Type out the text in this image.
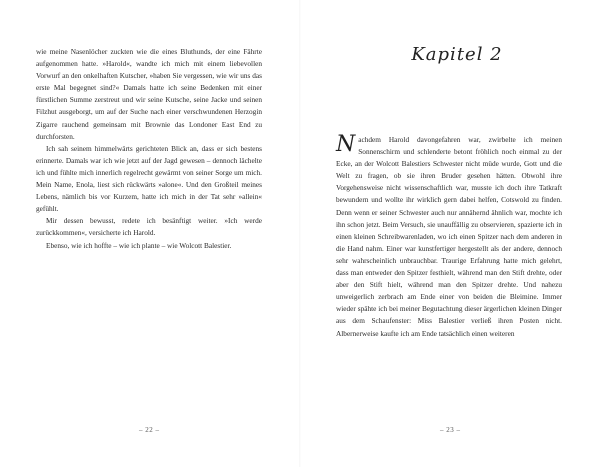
wie meine Nasenlöcher zuckten wie die eines Bluthunds, der eine Fährte aufgenommen hatte. »Harold«, wandte ich mich mit einem liebevollen Vorwurf an den onkelhaften Kutscher, »haben Sie vergessen, wie wir uns das erste Mal begegnet sind?« Damals hatte ich seine Bedenken mit einer fürstlichen Summe zerstreut und wir seine Kutsche, seine Jacke und seinen Filzhut ausgeborgt, um auf der Suche nach einer verschwundenen Herzogin Zigarre rauchend gemeinsam mit Brownie das Londoner East End zu durchforsten.

Ich sah seinem himmelwärts gerichteten Blick an, dass er sich bestens erinnerte. Damals war ich wie jetzt auf der Jagd gewesen – dennoch lächelte ich und fühlte mich innerlich regelrecht gewärmt von seiner Sorge um mich. Mein Name, Enola, liest sich rückwärts »alone«. Und den Großteil meines Lebens, nämlich bis vor Kurzem, hatte ich mich in der Tat sehr »allein« gefühlt.

Mir dessen bewusst, redete ich besänftigt weiter. »Ich werde zurückkommen«, versicherte ich Harold.

Ebenso, wie ich hoffte – wie ich plante – wie Wolcott Balestier.

– 22 –
Kapitel 2

Nachdem Harold davongefahren war, zwirbelte ich meinen Sonnenschirm und schlenderte betont fröhlich noch einmal zu der Ecke, an der Wolcott Balestiers Schwester nicht müde wurde, Gott und die Welt zu fragen, ob sie ihren Bruder gesehen hätten. Obwohl ihre Vorgehensweise nicht wissenschaftlich war, musste ich doch ihre Tatkraft bewundern und wollte ihr wirklich gern dabei helfen, Cotswold zu finden. Denn wenn er seiner Schwester auch nur annähernd ähnlich war, mochte ich ihn schon jetzt. Beim Versuch, sie unauffällig zu observieren, spazierte ich in einen kleinen Schreibwarenladen, wo ich einen Spitzer nach dem anderen in die Hand nahm. Einer war kunstfertiger hergestellt als der andere, dennoch sehr wahrscheinlich unbrauchbar. Traurige Erfahrung hatte mich gelehrt, dass man entweder den Spitzer festhielt, während man den Stift drehte, oder aber den Stift hielt, während man den Spitzer drehte. Und nahezu unweigerlich zerbrach am Ende einer von beiden die Bleimine. Immer wieder spähte ich bei meiner Begutachtung dieser ärgerlichen kleinen Dinger aus dem Schaufenster: Miss Balestier verließ ihren Posten nicht. Albernerweise kaufte ich am Ende tatsächlich einen weiteren

– 23 –
